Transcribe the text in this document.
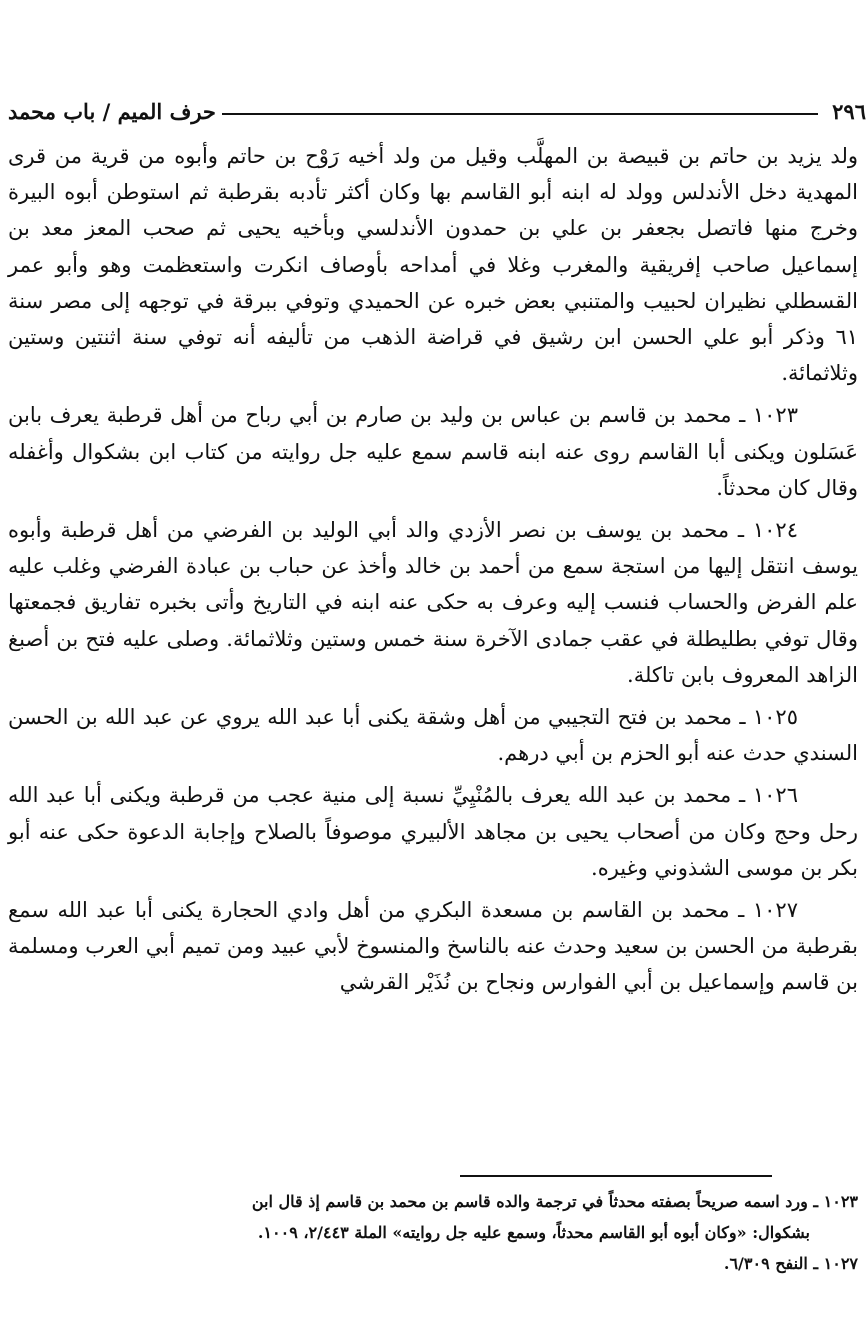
٢٩٦
حرف الميم / باب محمد

ولد يزيد بن حاتم بن قبيصة بن المهلَّب وقيل من ولد أخيه رَوْح بن حاتم وأبوه من قرية من قرى المهدية دخل الأندلس وولد له ابنه أبو القاسم بها وكان أكثر تأدبه بقرطبة ثم استوطن أبوه البيرة وخرج منها فاتصل بجعفر بن علي بن حمدون الأندلسي وبأخيه يحيى ثم صحب المعز معد بن إسماعيل صاحب إفريقية والمغرب وغلا في أمداحه بأوصاف انكرت واستعظمت وهو وأبو عمر القسطلي نظيران لحبيب والمتنبي بعض خبره عن الحميدي وتوفي ببرقة في توجهه إلى مصر سنة ٦١ وذكر أبو علي الحسن ابن رشيق في قراضة الذهب من تأليفه أنه توفي سنة اثنتين وستين وثلاثمائة.

١٠٢٣ ـ محمد بن قاسم بن عباس بن وليد بن صارم بن أبي رباح من أهل قرطبة يعرف بابن عَسَلون ويكنى أبا القاسم روى عنه ابنه قاسم سمع عليه جل روايته من كتاب ابن بشكوال وأغفله وقال كان محدثاً.

١٠٢٤ ـ محمد بن يوسف بن نصر الأزدي والد أبي الوليد بن الفرضي من أهل قرطبة وأبوه يوسف انتقل إليها من استجة سمع من أحمد بن خالد وأخذ عن حباب بن عبادة الفرضي وغلب عليه علم الفرض والحساب فنسب إليه وعرف به حكى عنه ابنه في التاريخ وأتى بخبره تفاريق فجمعتها وقال توفي بطليطلة في عقب جمادى الآخرة سنة خمس وستين وثلاثمائة. وصلى عليه فتح بن أصبغ الزاهد المعروف بابن تاكلة.

١٠٢٥ ـ محمد بن فتح التجيبي من أهل وشقة يكنى أبا عبد الله يروي عن عبد الله بن الحسن السندي حدث عنه أبو الحزم بن أبي درهم.

١٠٢٦ ـ محمد بن عبد الله يعرف بالمُنْيِيِّ نسبة إلى منية عجب من قرطبة ويكنى أبا عبد الله رحل وحج وكان من أصحاب يحيى بن مجاهد الألبيري موصوفاً بالصلاح وإجابة الدعوة حكى عنه أبو بكر بن موسى الشذوني وغيره.

١٠٢٧ ـ محمد بن القاسم بن مسعدة البكري من أهل وادي الحجارة يكنى أبا عبد الله سمع بقرطبة من الحسن بن سعيد وحدث عنه بالناسخ والمنسوخ لأبي عبيد ومن تميم أبي العرب ومسلمة بن قاسم وإسماعيل بن أبي الفوارس ونجاح بن نُذَيْر القرشي

١٠٢٣ ـ ورد اسمه صريحاً بصفته محدثاً في ترجمة والده قاسم بن محمد بن قاسم إذ قال ابن

بشكوال: «وكان أبوه أبو القاسم محدثاً، وسمع عليه جل روايته» الملة ٢/٤٤٣، ١٠٠٩.

١٠٢٧ ـ النفح ٦/٣٠٩.
